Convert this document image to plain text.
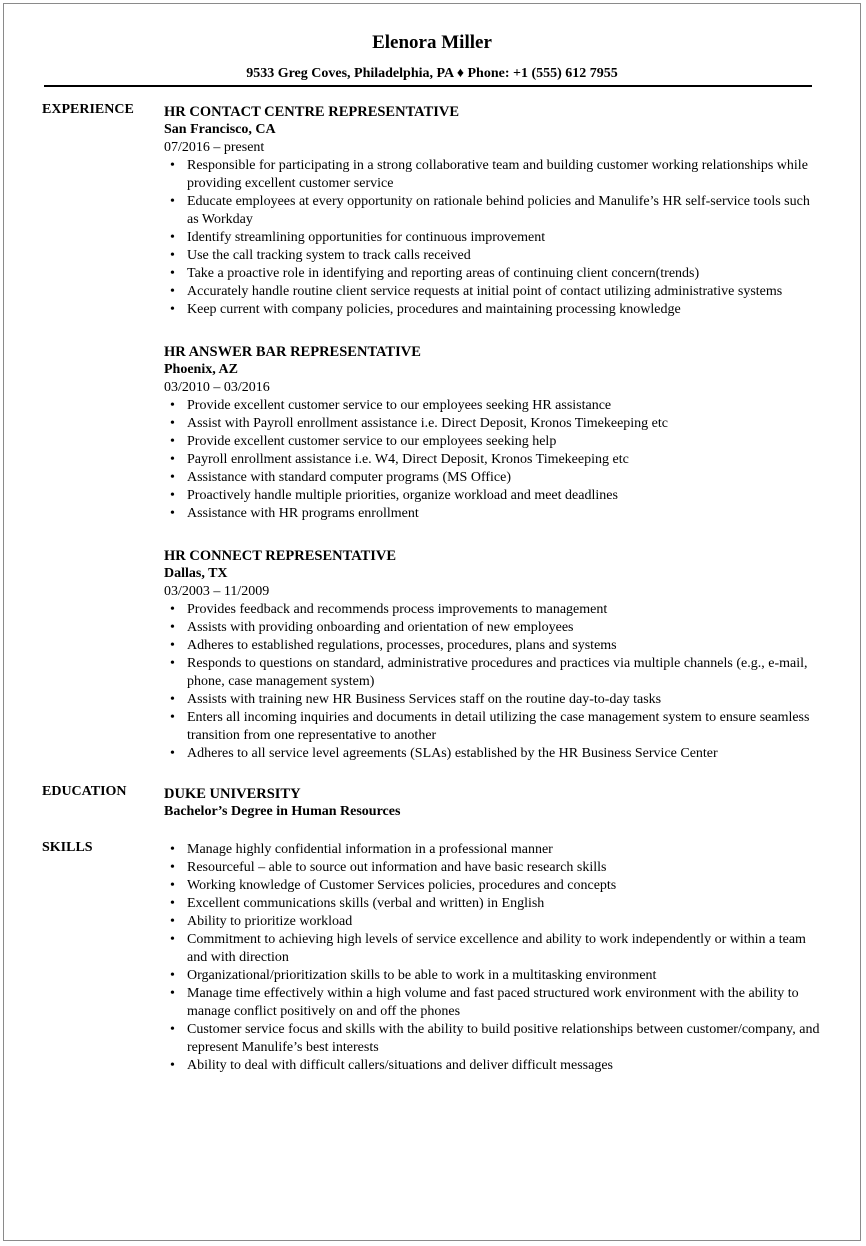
Elenora Miller
9533 Greg Coves, Philadelphia, PA ♦ Phone: +1 (555) 612 7955
EXPERIENCE HR CONTACT CENTRE REPRESENTATIVE
San Francisco, CA
07/2016 – present
• Responsible for participating in a strong collaborative team and building customer working relationships while providing excellent customer service
• Educate employees at every opportunity on rationale behind policies and Manulife’s HR self-service tools such as Workday
• Identify streamlining opportunities for continuous improvement
• Use the call tracking system to track calls received
• Take a proactive role in identifying and reporting areas of continuing client concern(trends)
• Accurately handle routine client service requests at initial point of contact utilizing administrative systems
• Keep current with company policies, procedures and maintaining processing knowledge
HR ANSWER BAR REPRESENTATIVE
Phoenix, AZ
03/2010 – 03/2016
• Provide excellent customer service to our employees seeking HR assistance
• Assist with Payroll enrollment assistance i.e. Direct Deposit, Kronos Timekeeping etc
• Provide excellent customer service to our employees seeking help
• Payroll enrollment assistance i.e. W4, Direct Deposit, Kronos Timekeeping etc
• Assistance with standard computer programs (MS Office)
• Proactively handle multiple priorities, organize workload and meet deadlines
• Assistance with HR programs enrollment
HR CONNECT REPRESENTATIVE
Dallas, TX
03/2003 – 11/2009
• Provides feedback and recommends process improvements to management
• Assists with providing onboarding and orientation of new employees
• Adheres to established regulations, processes, procedures, plans and systems
• Responds to questions on standard, administrative procedures and practices via multiple channels (e.g., e-mail, phone, case management system)
• Assists with training new HR Business Services staff on the routine day-to-day tasks
• Enters all incoming inquiries and documents in detail utilizing the case management system to ensure seamless transition from one representative to another
• Adheres to all service level agreements (SLAs) established by the HR Business Service Center
EDUCATION	DUKE UNIVERSITY
Bachelor’s Degree in Human Resources
SKILLS
•	Manage highly confidential information in a professional manner
• Resourceful – able to source out information and have basic research skills
• Working knowledge of Customer Services policies, procedures and concepts
• Excellent communications skills (verbal and written) in English
• Ability to prioritize workload
• Commitment to achieving high levels of service excellence and ability to work independently or within a team and with direction
• Organizational/prioritization skills to be able to work in a multitasking environment
• Manage time effectively within a high volume and fast paced structured work environment with the ability to manage conflict positively on and off the phones
• Customer service focus and skills with the ability to build positive relationships between customer/company, and represent Manulife’s best interests
• Ability to deal with difficult callers/situations and deliver difficult messages
